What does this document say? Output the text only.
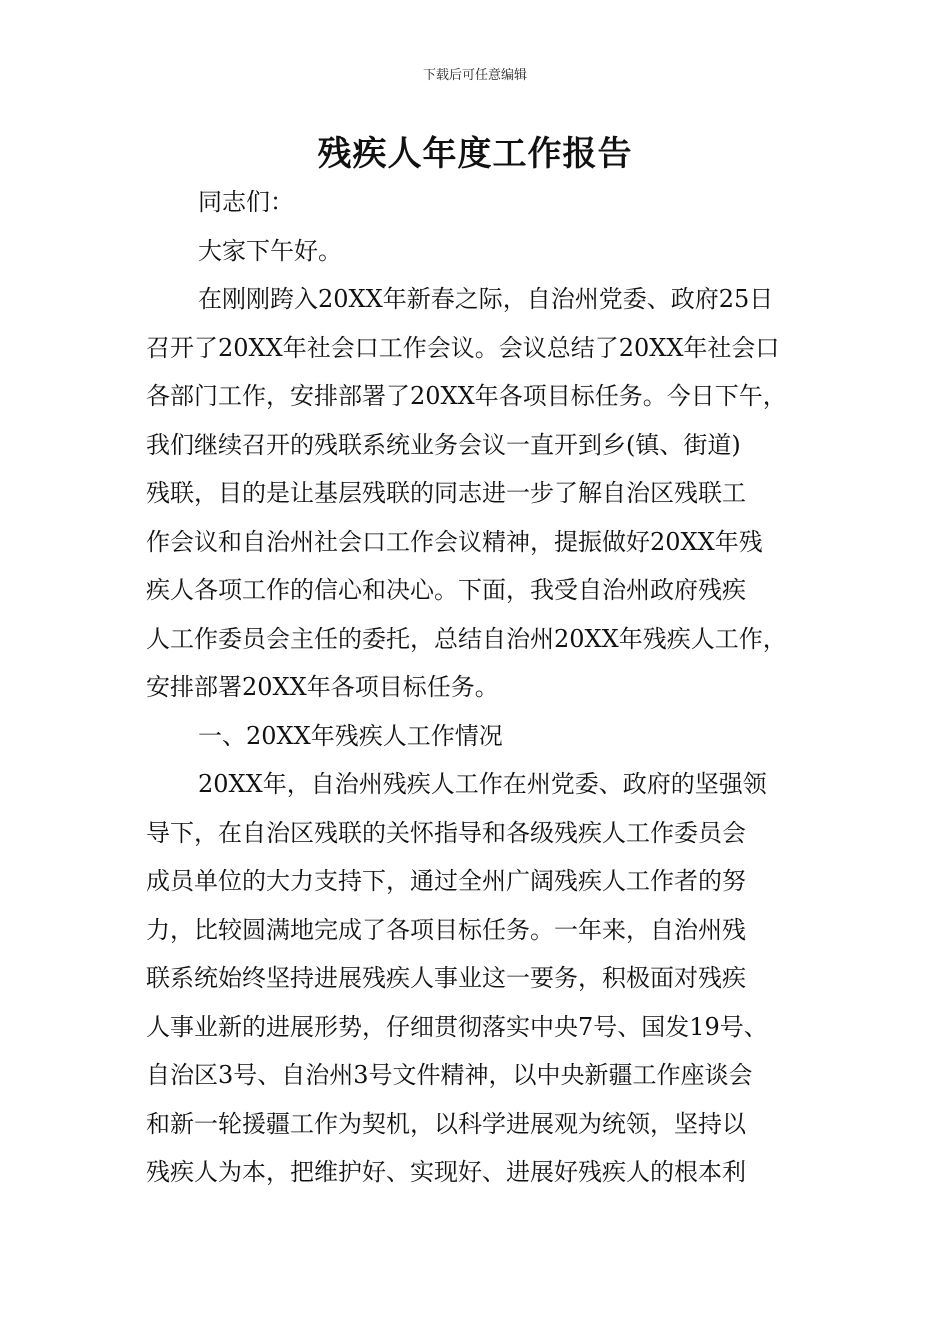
下载后可任意编辑
残疾人年度工作报告
同志们：
大家下午好。
在刚刚跨入20XX年新春之际，自治州党委、政府25日
召开了20XX年社会口工作会议。会议总结了20XX年社会口
各部门工作，安排部署了20XX年各项目标任务。今日下午，
我们继续召开的残联系统业务会议一直开到乡(镇、街道)
残联，目的是让基层残联的同志进一步了解自治区残联工
作会议和自治州社会口工作会议精神，提振做好20XX年残
疾人各项工作的信心和决心。下面，我受自治州政府残疾
人工作委员会主任的委托，总结自治州20XX年残疾人工作，
安排部署20XX年各项目标任务。
一、20XX年残疾人工作情况
20XX年，自治州残疾人工作在州党委、政府的坚强领
导下，在自治区残联的关怀指导和各级残疾人工作委员会
成员单位的大力支持下，通过全州广阔残疾人工作者的努
力，比较圆满地完成了各项目标任务。一年来，自治州残
联系统始终坚持进展残疾人事业这一要务，积极面对残疾
人事业新的进展形势，仔细贯彻落实中央7号、国发19号、
自治区3号、自治州3号文件精神，以中央新疆工作座谈会
和新一轮援疆工作为契机，以科学进展观为统领，坚持以
残疾人为本，把维护好、实现好、进展好残疾人的根本利
